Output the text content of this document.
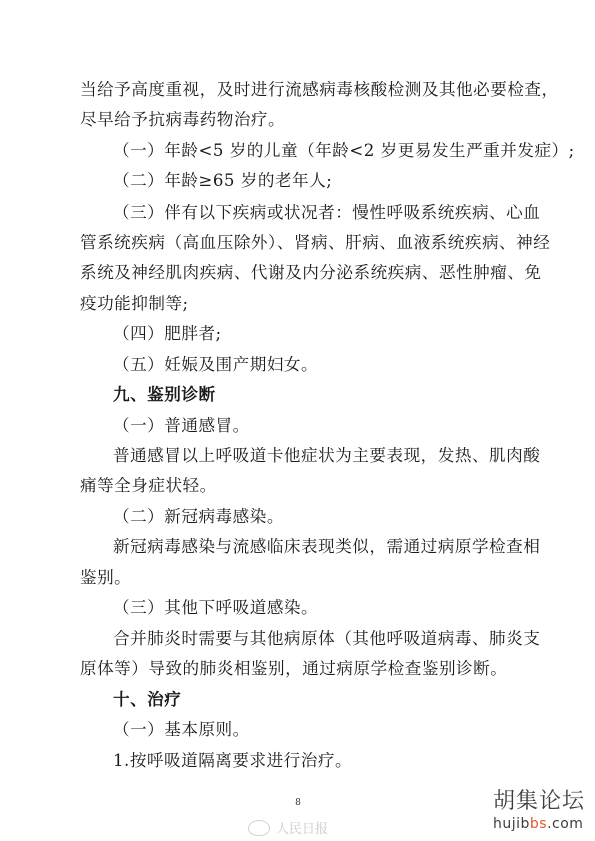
当给予高度重视，及时进行流感病毒核酸检测及其他必要检查，
尽早给予抗病毒药物治疗。
（一）年龄<5 岁的儿童（年龄<2 岁更易发生严重并发症）;
（二）年龄≥65 岁的老年人;
（三）伴有以下疾病或状况者：慢性呼吸系统疾病、心血
管系统疾病（高血压除外）、肾病、肝病、血液系统疾病、神经
系统及神经肌肉疾病、代谢及内分泌系统疾病、恶性肿瘤、免
疫功能抑制等;
（四）肥胖者;
（五）妊娠及围产期妇女。
九、鉴别诊断
（一）普通感冒。
普通感冒以上呼吸道卡他症状为主要表现，发热、肌肉酸
痛等全身症状轻。
（二）新冠病毒感染。
新冠病毒感染与流感临床表现类似，需通过病原学检查相
鉴别。
（三）其他下呼吸道感染。
合并肺炎时需要与其他病原体（其他呼吸道病毒、肺炎支
原体等）导致的肺炎相鉴别，通过病原学检查鉴别诊断。
十、治疗
（一）基本原则。
1.按呼吸道隔离要求进行治疗。
8
人民日报
胡集论坛
hujibbs.com
